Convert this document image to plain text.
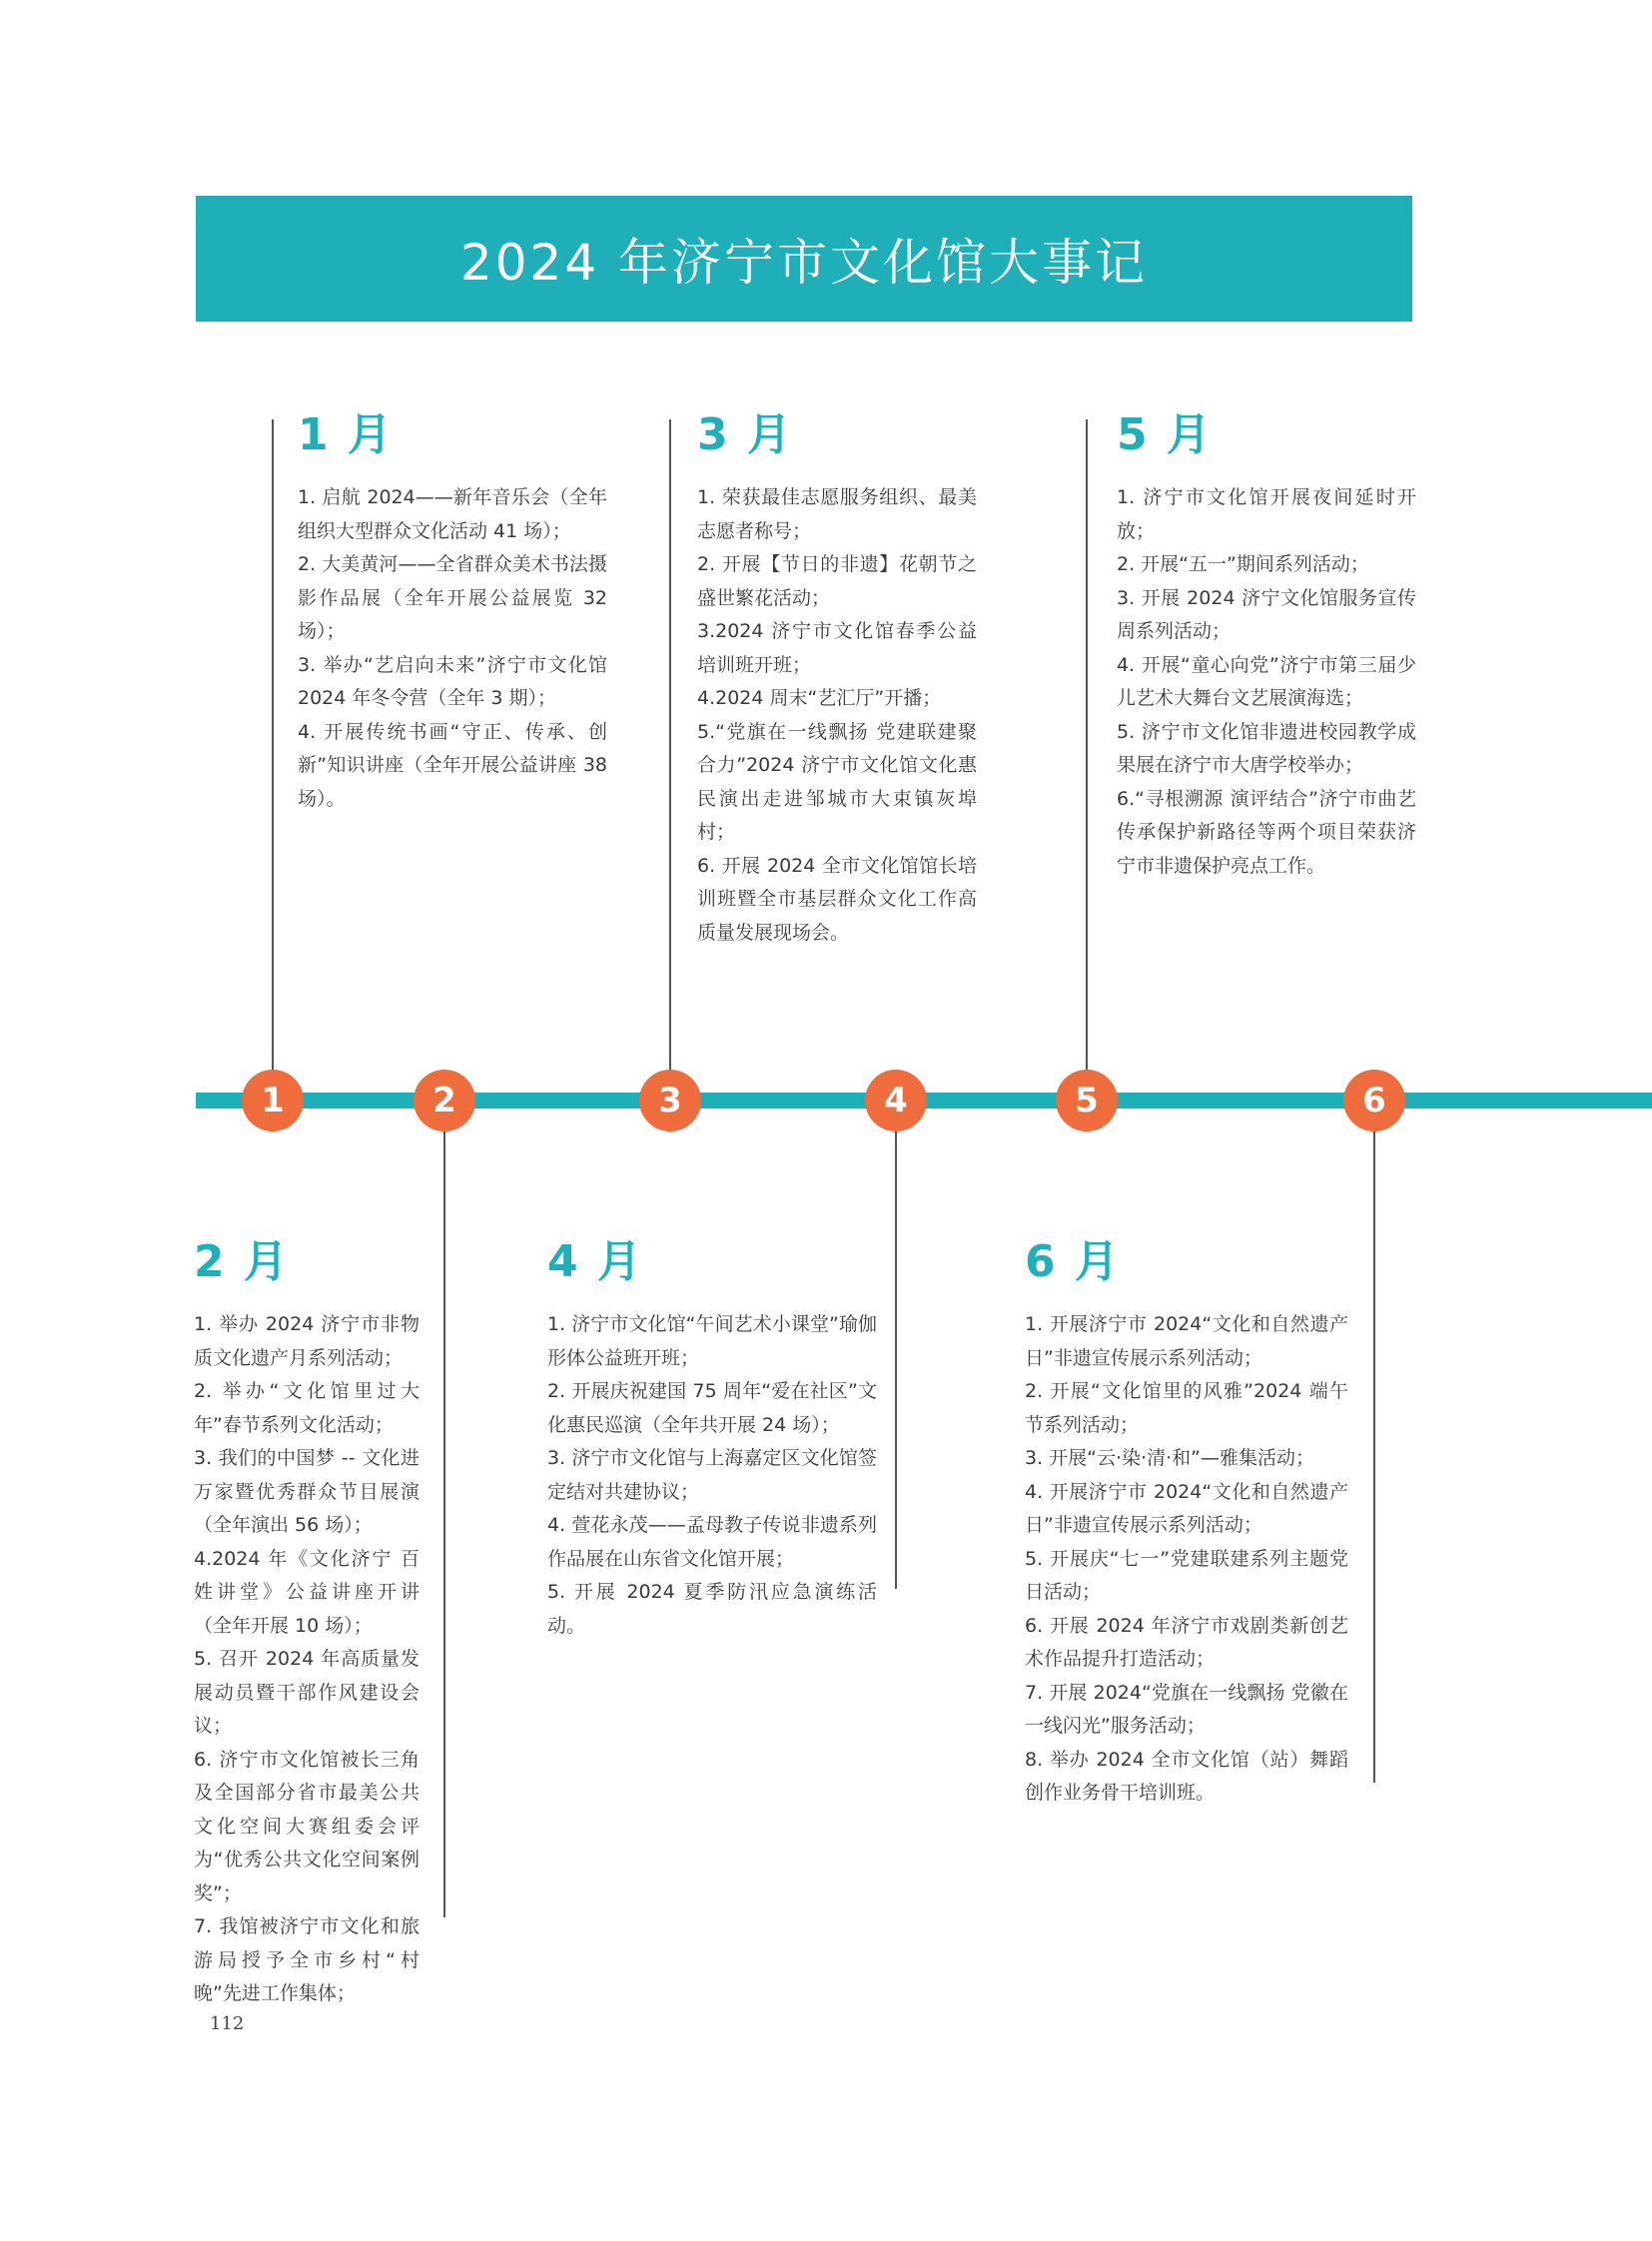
2024 年济宁市文化馆大事记
1	2	3	4	5	6
1 月
1. 启航 2024——新年音乐会（全年组织大型群众文化活动 41 场）；
2. 大美黄河——全省群众美术书法摄影作品展（全年开展公益展览 32 场）；
3. 举办“艺启向未来”济宁市文化馆 2024 年冬令营（全年 3 期）；
4. 开展传统书画“守正、传承、创新”知识讲座（全年开展公益讲座 38 场）。
3 月
1. 荣获最佳志愿服务组织、最美志愿者称号；
2. 开展【节日的非遗】花朝节之盛世繁花活动；
3.2024 济宁市文化馆春季公益培训班开班；
4.2024 周末“艺汇厅”开播；
5.“党旗在一线飘扬 党建联建聚合力”2024 济宁市文化馆文化惠民演出走进邹城市大束镇灰埠村；
6. 开展 2024 全市文化馆馆长培训班暨全市基层群众文化工作高质量发展现场会。
5 月
1. 济宁市文化馆开展夜间延时开放；
2. 开展“五一”期间系列活动；
3. 开展 2024 济宁文化馆服务宣传周系列活动；
4. 开展“童心向党”济宁市第三届少儿艺术大舞台文艺展演海选；
5. 济宁市文化馆非遗进校园教学成果展在济宁市大唐学校举办；
6.“寻根溯源 演评结合”济宁市曲艺传承保护新路径等两个项目荣获济宁市非遗保护亮点工作。
2 月
1. 举办 2024 济宁市非物质文化遗产月系列活动；
2. 举办“文化馆里过大年”春节系列文化活动；
3. 我们的中国梦 -- 文化进万家暨优秀群众节目展演（全年演出 56 场）；
4.2024 年《文化济宁 百姓讲堂》公益讲座开讲（全年开展 10 场）；
5. 召开 2024 年高质量发展动员暨干部作风建设会议；
6. 济宁市文化馆被长三角及全国部分省市最美公共文化空间大赛组委会评为“优秀公共文化空间案例奖”；
7. 我馆被济宁市文化和旅游局授予全市乡村“村晚”先进工作集体；
4 月
1. 济宁市文化馆“午间艺术小课堂”瑜伽形体公益班开班；
2. 开展庆祝建国 75 周年“爱在社区”文化惠民巡演（全年共开展 24 场）；
3. 济宁市文化馆与上海嘉定区文化馆签定结对共建协议；
4. 萱花永茂——孟母教子传说非遗系列作品展在山东省文化馆开展；
5. 开展 2024 夏季防汛应急演练活动。
6 月
1. 开展济宁市 2024“文化和自然遗产日”非遗宣传展示系列活动；
2. 开展“文化馆里的风雅”2024 端午节系列活动；
3. 开展“云·染·清·和”—雅集活动；
4. 开展济宁市 2024“文化和自然遗产日”非遗宣传展示系列活动；
5. 开展庆“七一”党建联建系列主题党日活动；
6. 开展 2024 年济宁市戏剧类新创艺术作品提升打造活动；
7. 开展 2024“党旗在一线飘扬 党徽在一线闪光”服务活动；
8. 举办 2024 全市文化馆（站）舞蹈创作业务骨干培训班。
112
